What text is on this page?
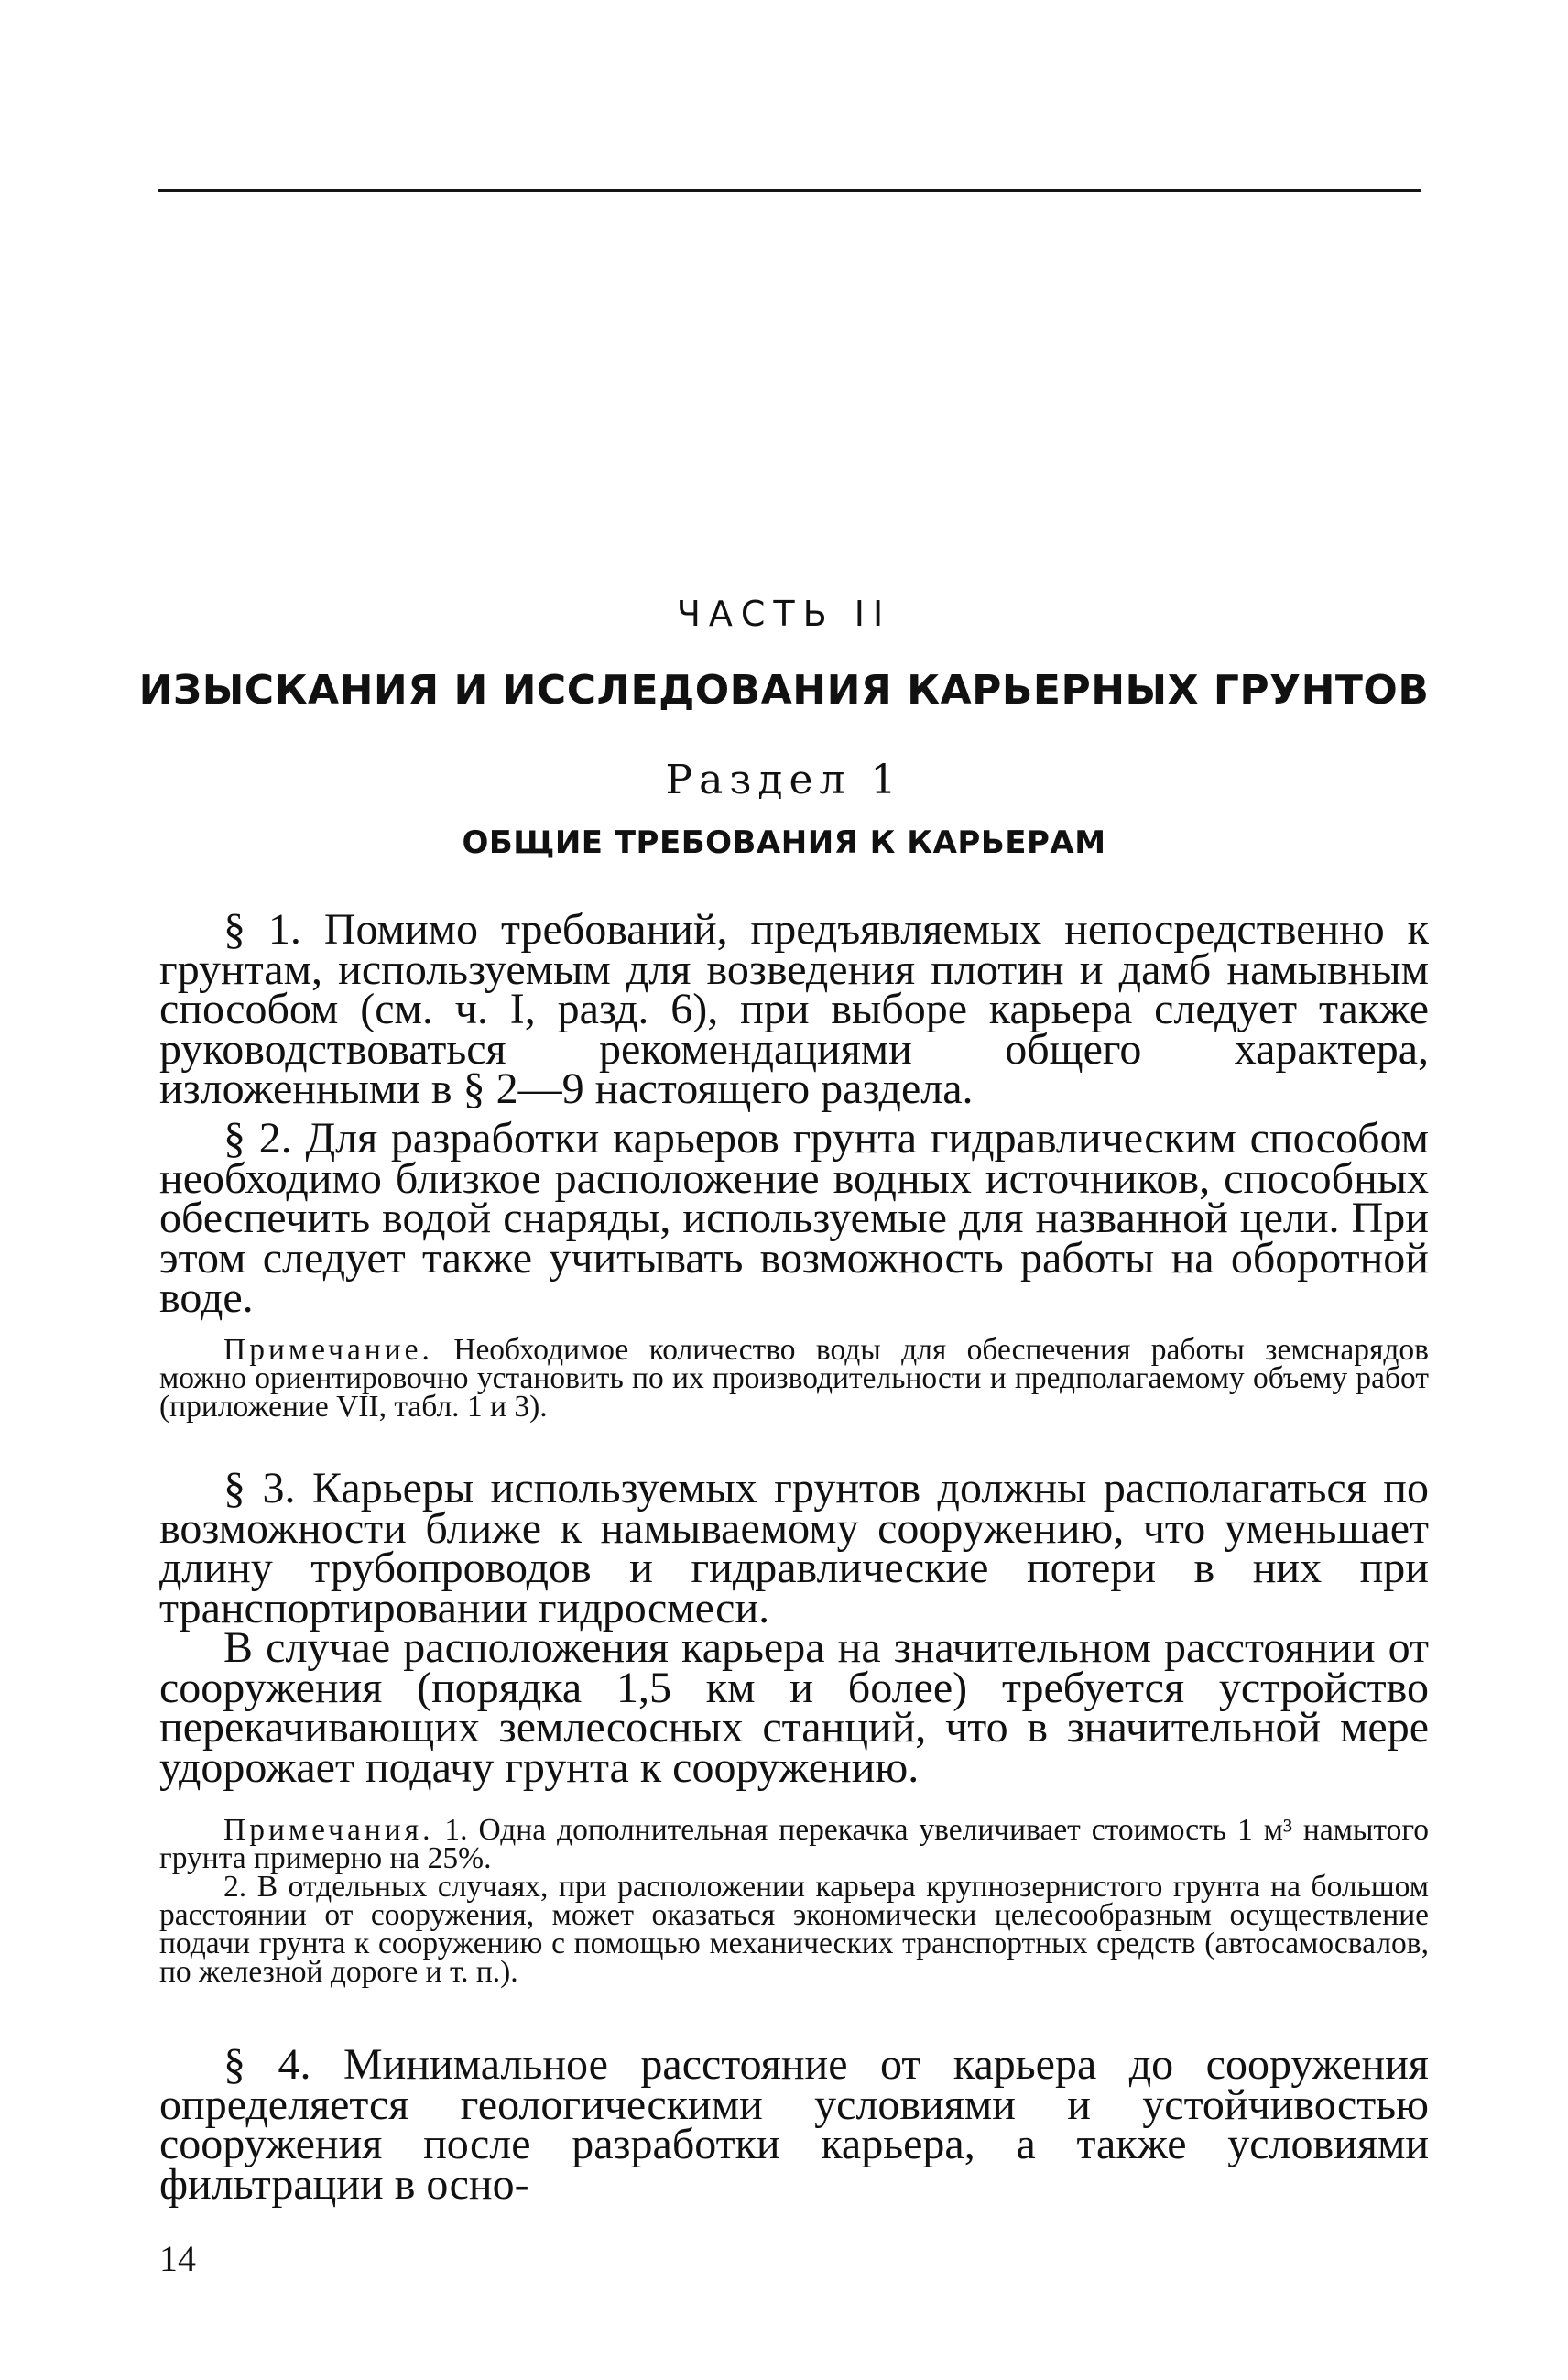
ЧАСТЬ II
ИЗЫСКАНИЯ И ИССЛЕДОВАНИЯ КАРЬЕРНЫХ ГРУНТОВ
Раздел 1
ОБЩИЕ ТРЕБОВАНИЯ К КАРЬЕРАМ

§ 1. Помимо требований, предъявляемых непосредственно к грунтам, используемым для возведения плотин и дамб намывным способом (см. ч. I, разд. 6), при выборе карьера следует также руководствоваться рекомендациями общего характера, изложенными в § 2—9 настоящего раздела.

§ 2. Для разработки карьеров грунта гидравлическим способом необходимо близкое расположение водных источников, способных обеспечить водой снаряды, используемые для названной цели. При этом следует также учитывать возможность работы на оборотной воде.

Примечание. Необходимое количество воды для обеспечения работы земснарядов можно ориентировочно установить по их производительности и предполагаемому объему работ (приложение VII, табл. 1 и 3).

§ 3. Карьеры используемых грунтов должны располагаться по возможности ближе к намываемому сооружению, что уменьшает длину трубопроводов и гидравлические потери в них при транспортировании гидросмеси.

В случае расположения карьера на значительном расстоянии от сооружения (порядка 1,5 км и более) требуется устройство перекачивающих землесосных станций, что в значительной мере удорожает подачу грунта к сооружению.

Примечания. 1. Одна дополнительная перекачка увеличивает стоимость 1 м³ намытого грунта примерно на 25%.

2. В отдельных случаях, при расположении карьера крупнозернистого грунта на большом расстоянии от сооружения, может оказаться экономически целесообразным осуществление подачи грунта к сооружению с помощью механических транспортных средств (автосамосвалов, по железной дороге и т. п.).

§ 4. Минимальное расстояние от карьера до сооружения определяется геологическими условиями и устойчивостью сооружения после разработки карьера, а также условиями фильтрации в осно-

14
